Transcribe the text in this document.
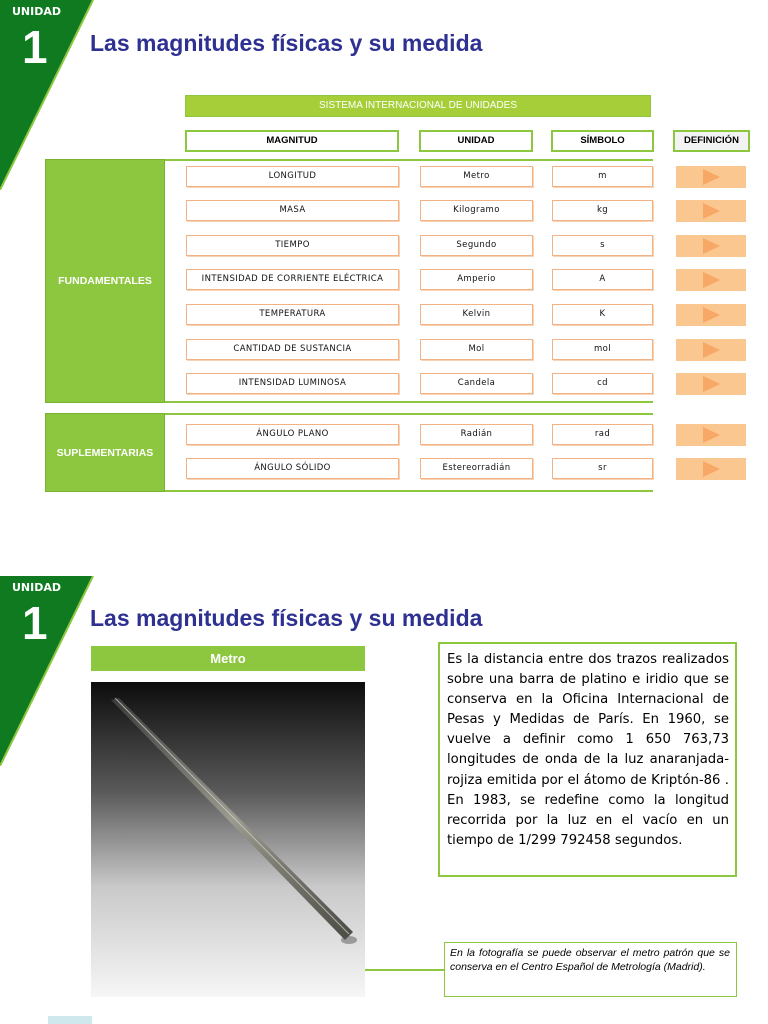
UNIDAD
1 Las magnitudes físicas y su medida
SISTEMA INTERNACIONAL DE UNIDADES
MAGNITUD	UNIDAD	SÍMBOLO	DEFINICIÓN
FUNDAMENTALES
LONGITUD	Metro	m
MASA	Kilogramo	kg
TIEMPO	Segundo	s
INTENSIDAD DE CORRIENTE ELÉCTRICA	Amperio	A
TEMPERATURA	Kelvin	K
CANTIDAD DE SUSTANCIA	Mol	mol
INTENSIDAD LUMINOSA	Candela	cd
SUPLEMENTARIAS
ÁNGULO PLANO	Radián	rad
ÁNGULO SÓLIDO	Estereorradián	sr
UNIDAD
1 Las magnitudes físicas y su medida
Metro	Es la distancia entre dos trazos realizados sobre una barra de platino e iridio que se conserva en la Oficina Internacional de Pesas y Medidas de París. En 1960, se vuelve a definir como 1 650 763,73 longitudes de onda de la luz anaranjada-rojiza emitida por el átomo de Kriptón-86 . En 1983, se redefine como la longitud recorrida por la luz en el vacío en un tiempo de 1/299 792458 segundos.
En la fotografía se puede observar el metro patrón que se conserva en el Centro Español de Metrología (Madrid).
